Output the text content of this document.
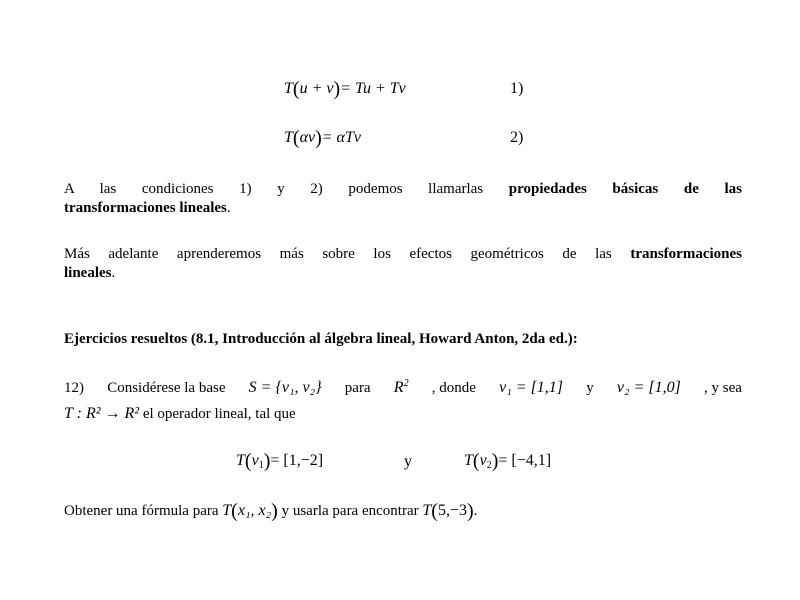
T(u + v)= Tu + Tv	1)
T(αv)= αTv	2)
A las condiciones 1) y 2) podemos llamarlas propiedades básicas de las
transformaciones lineales.
Más adelante aprenderemos más sobre los efectos geométricos de las transformaciones
lineales.
Ejercicios resueltos (8.1, Introducción al álgebra lineal, Howard Anton, 2da ed.):
12) Considérese la base S = {v₁, v₂} para $R^2$ , donde v₁ = [1,1] y v₂ = [1,0] , y sea
T : R² → R² el operador lineal, tal que
$T(v_1)= [1,-2]$	y	$T(v_2)= [-4,1]$
Obtener una fórmula para T(x₁, x₂) y usarla para encontrar T(5,−3).
